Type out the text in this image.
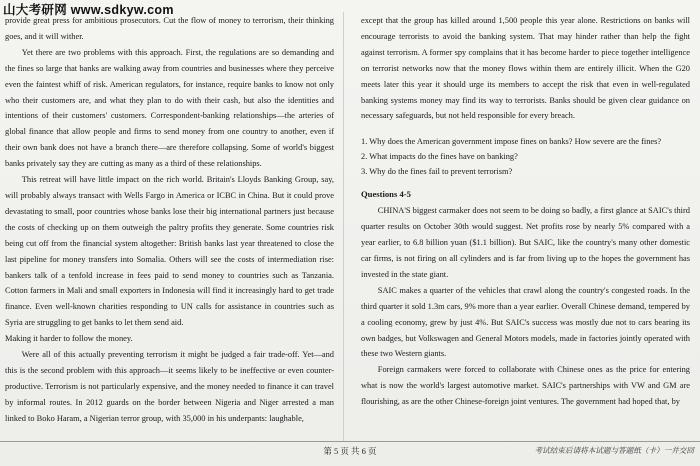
山大考研网 www.sdkyw.com

provide great press for ambitious prosecutors. Cut the flow of money to terrorism, their thinking goes, and it will wither.

Yet there are two problems with this approach. First, the regulations are so demanding and the fines so large that banks are walking away from countries and businesses where they perceive even the faintest whiff of risk. American regulators, for instance, require banks to know not only who their customers are, and what they plan to do with their cash, but also the identities and intentions of their customers' customers. Correspondent-banking relationships—the arteries of global finance that allow people and firms to send money from one country to another, even if their own bank does not have a branch there—are therefore collapsing. Some of world's biggest banks privately say they are cutting as many as a third of these relationships.

This retreat will have little impact on the rich world. Britain's Lloyds Banking Group, say, will probably always transact with Wells Fargo in America or ICBC in China. But it could prove devastating to small, poor countries whose banks lose their big international partners just because the costs of checking up on them outweigh the paltry profits they generate. Some countries risk being cut off from the financial system altogether: British banks last year threatened to close the last pipeline for money transfers into Somalia. Others will see the costs of intermediation rise: bankers talk of a tenfold increase in fees paid to send money to countries such as Tanzania. Cotton farmers in Mali and small exporters in Indonesia will find it increasingly hard to get trade finance. Even well-known charities responding to UN calls for assistance in countries such as Syria are struggling to get banks to let them send aid.

Making it harder to follow the money.

Were all of this actually preventing terrorism it might be judged a fair trade-off. Yet—and this is the second problem with this approach—it seems likely to be ineffective or even counter-productive. Terrorism is not particularly expensive, and the money needed to finance it can travel by informal routes. In 2012 guards on the border between Nigeria and Niger arrested a man linked to Boko Haram, a Nigerian terror group, with 35,000 in his underpants: laughable,

except that the group has killed around 1,500 people this year alone. Restrictions on banks will encourage terrorists to avoid the banking system. That may hinder rather than help the fight against terrorism. A former spy complains that it has become harder to piece together intelligence on terrorist networks now that the money flows within them are entirely illicit. When the G20 meets later this year it should urge its members to accept the risk that even in well-regulated banking systems money may find its way to terrorists. Banks should be given clear guidance on necessary safeguards, but not held responsible for every breach.

1. Why does the American government impose fines on banks? How severe are the fines?

2. What impacts do the fines have on banking?

3. Why do the fines fail to prevent terrorism?

Questions 4-5

CHINA'S biggest carmaker does not seem to be doing so badly, a first glance at SAIC's third quarter results on October 30th would suggest. Net profits rose by nearly 5% compared with a year earlier, to 6.8 billion yuan ($1.1 billion). But SAIC, like the country's many other domestic car firms, is not firing on all cylinders and is far from living up to the hopes the government has invested in the state giant.

SAIC makes a quarter of the vehicles that crawl along the country's congested roads. In the third quarter it sold 1.3m cars, 9% more than a year earlier. Overall Chinese demand, tempered by a cooling economy, grew by just 4%. But SAIC's success was mostly due not to cars bearing its own badges, but Volkswagen and General Motors models, made in factories jointly operated with these two Western giants.

Foreign carmakers were forced to collaborate with Chinese ones as the price for entering what is now the world's largest automotive market. SAIC's partnerships with VW and GM are flourishing, as are the other Chinese-foreign joint ventures. The government had hoped that, by

第 5 页 共 6 页	考试结束后请将本试题与答题纸（卡）一并交回
